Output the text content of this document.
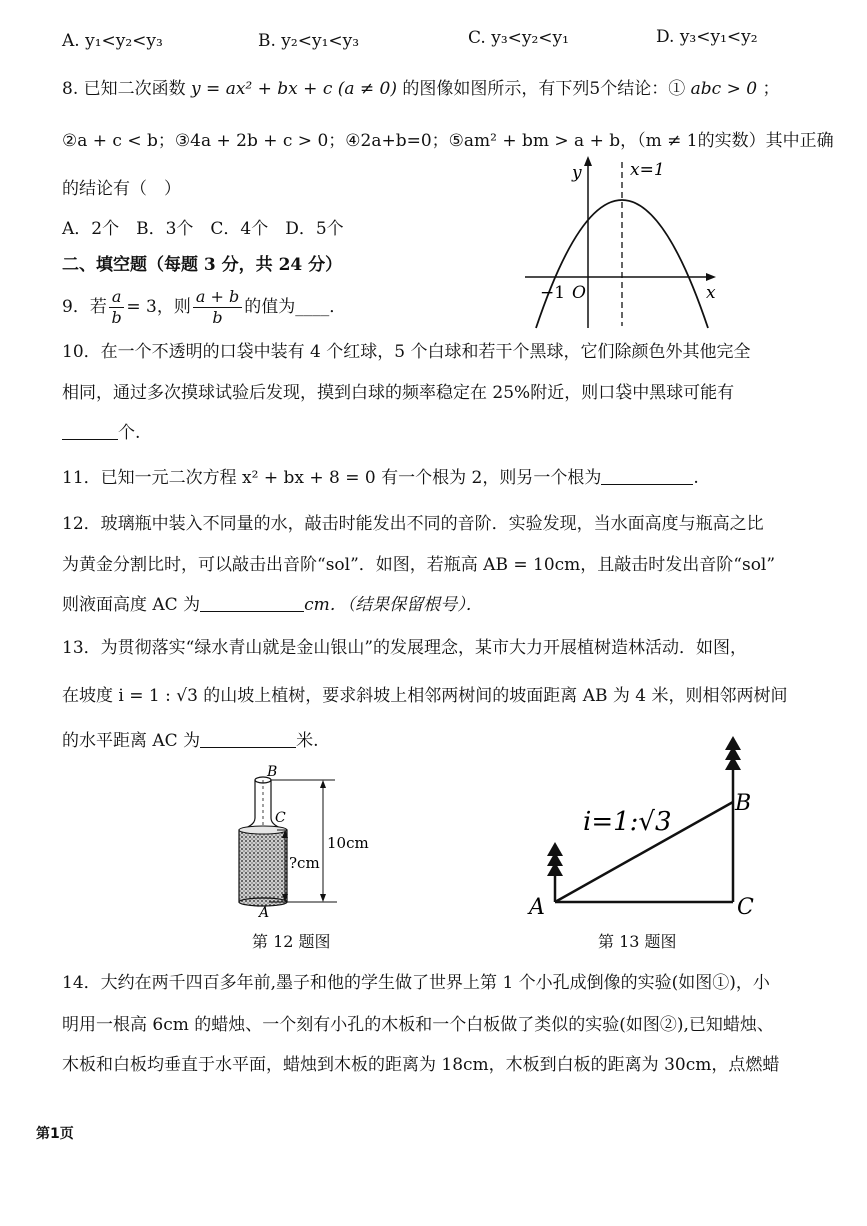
A. y₁<y₂<y₃	B. y₂<y₁<y₃	C. y₃<y₂<y₁	D. y₃<y₁<y₂
8. 已知二次函数 y = ax² + bx + c (a ≠ 0) 的图像如图所示，有下列5个结论：① abc > 0 ；
②a + c < b；③4a + 2b + c > 0；④2a+b=0；⑤am² + bm > a + b，（m ≠ 1的实数）其中正确
的结论有（　）
A．2个　B．3个　C．4个　D．5个
y	x=1
−1 O	x
二、填空题（每题 3 分，共 24 分）
9．若 $\frac{a}{b} = 3$，则 $\frac{a + b}{b}$ 的值为____．
10．在一个不透明的口袋中装有 4 个红球，5 个白球和若干个黑球，它们除颜色外其他完全
相同，通过多次摸球试验后发现，摸到白球的频率稳定在 25%附近，则口袋中黑球可能有
个.
11．已知一元二次方程 x² + bx + 8 = 0 有一个根为 2，则另一个根为	.
12．玻璃瓶中装入不同量的水，敲击时能发出不同的音阶．实验发现，当水面高度与瓶高之比
为黄金分割比时，可以敲击出音阶“sol”．如图，若瓶高 AB = 10cm，且敲击时发出音阶“sol”
则液面高度 AC 为	cm．（结果保留根号）．
13．为贯彻落实“绿水青山就是金山银山”的发展理念，某市大力开展植树造林活动．如图，
在坡度 i = 1 : √3 的山坡上植树，要求斜坡上相邻两树间的坡面距离 AB 为 4 米，则相邻两树间
的水平距离 AC 为	米.
B
C
A
10cm
?cm
第 12 题图
i=1:√3
A
B
C
第 13 题图
14．大约在两千四百多年前,墨子和他的学生做了世界上第 1 个小孔成倒像的实验(如图①)，小
明用一根高 6cm 的蜡烛、一个刻有小孔的木板和一个白板做了类似的实验(如图②),已知蜡烛、
木板和白板均垂直于水平面，蜡烛到木板的距离为 18cm，木板到白板的距离为 30cm，点燃蜡
第1页
